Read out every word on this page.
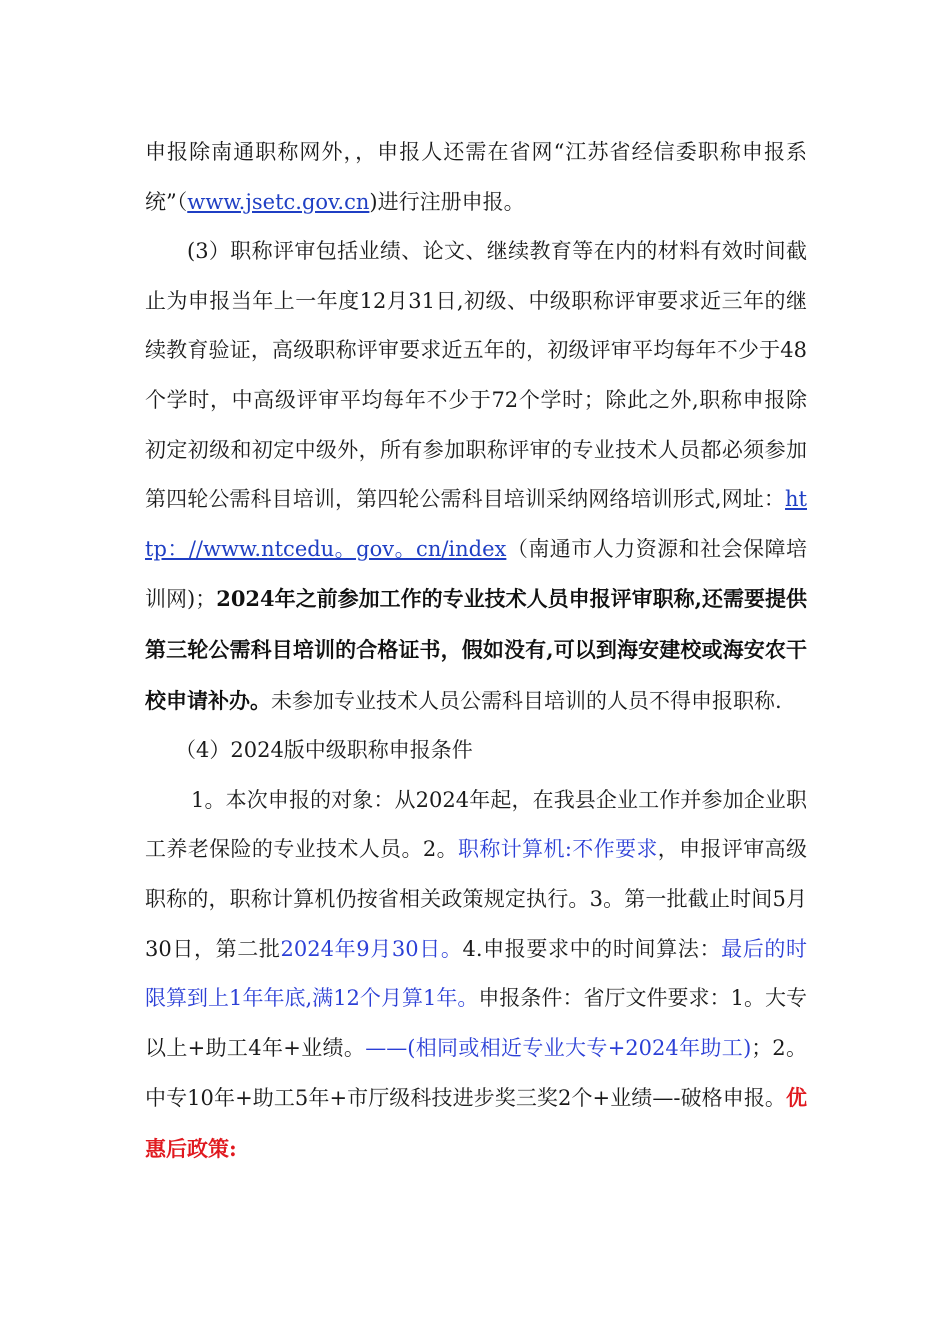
申报除南通职称网外，，申报人还需在省网“江苏省经信委职称申报系统”（www.jsetc.gov.cn)进行注册申报。

(3）职称评审包括业绩、论文、继续教育等在内的材料有效时间截止为申报当年上一年度12月31日,初级、中级职称评审要求近三年的继续教育验证，高级职称评审要求近五年的，初级评审平均每年不少于48个学时，中高级评审平均每年不少于72个学时；除此之外,职称申报除初定初级和初定中级外，所有参加职称评审的专业技术人员都必须参加第四轮公需科目培训，第四轮公需科目培训采纳网络培训形式,网址：http：//www.ntcedu。gov。cn/index（南通市人力资源和社会保障培训网)；2024年之前参加工作的专业技术人员申报评审职称,还需要提供第三轮公需科目培训的合格证书，假如没有,可以到海安建校或海安农干校申请补办。未参加专业技术人员公需科目培训的人员不得申报职称.

（4）2024版中级职称申报条件

1。本次申报的对象：从2024年起，在我县企业工作并参加企业职工养老保险的专业技术人员。2。职称计算机:不作要求，申报评审高级职称的，职称计算机仍按省相关政策规定执行。3。第一批截止时间5月30日，第二批2024年9月30日。4.申报要求中的时间算法：最后的时限算到上1年年底,满12个月算1年。申报条件：省厅文件要求：1。大专以上+助工4年+业绩。——(相同或相近专业大专+2024年助工)；2。中专10年+助工5年+市厅级科技进步奖三奖2个+业绩—-破格申报。优惠后政策:
